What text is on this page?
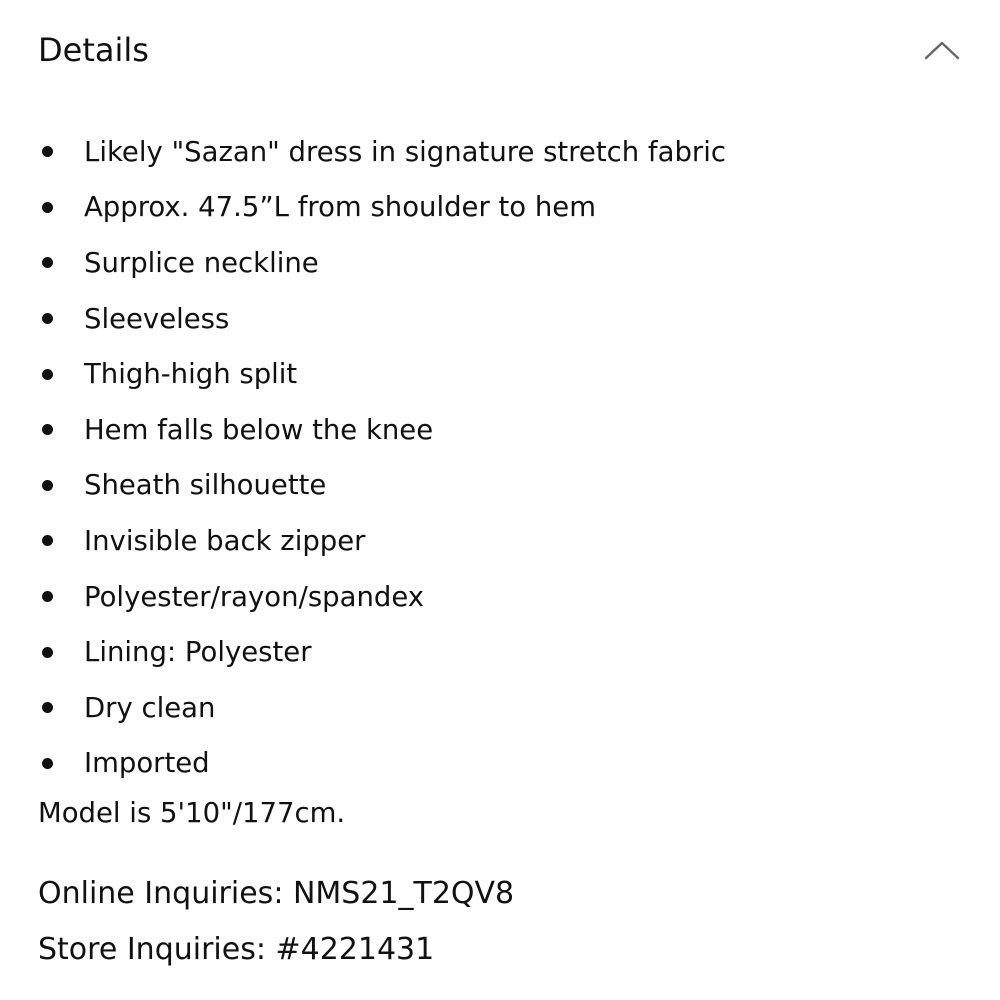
Details
Likely "Sazan" dress in signature stretch fabric
Approx. 47.5”L from shoulder to hem
Surplice neckline
Sleeveless
Thigh-high split
Hem falls below the knee
Sheath silhouette
Invisible back zipper
Polyester/rayon/spandex
Lining: Polyester
Dry clean
Imported
Model is 5'10"/177cm.
Online Inquiries: NMS21_T2QV8
Store Inquiries: #4221431
